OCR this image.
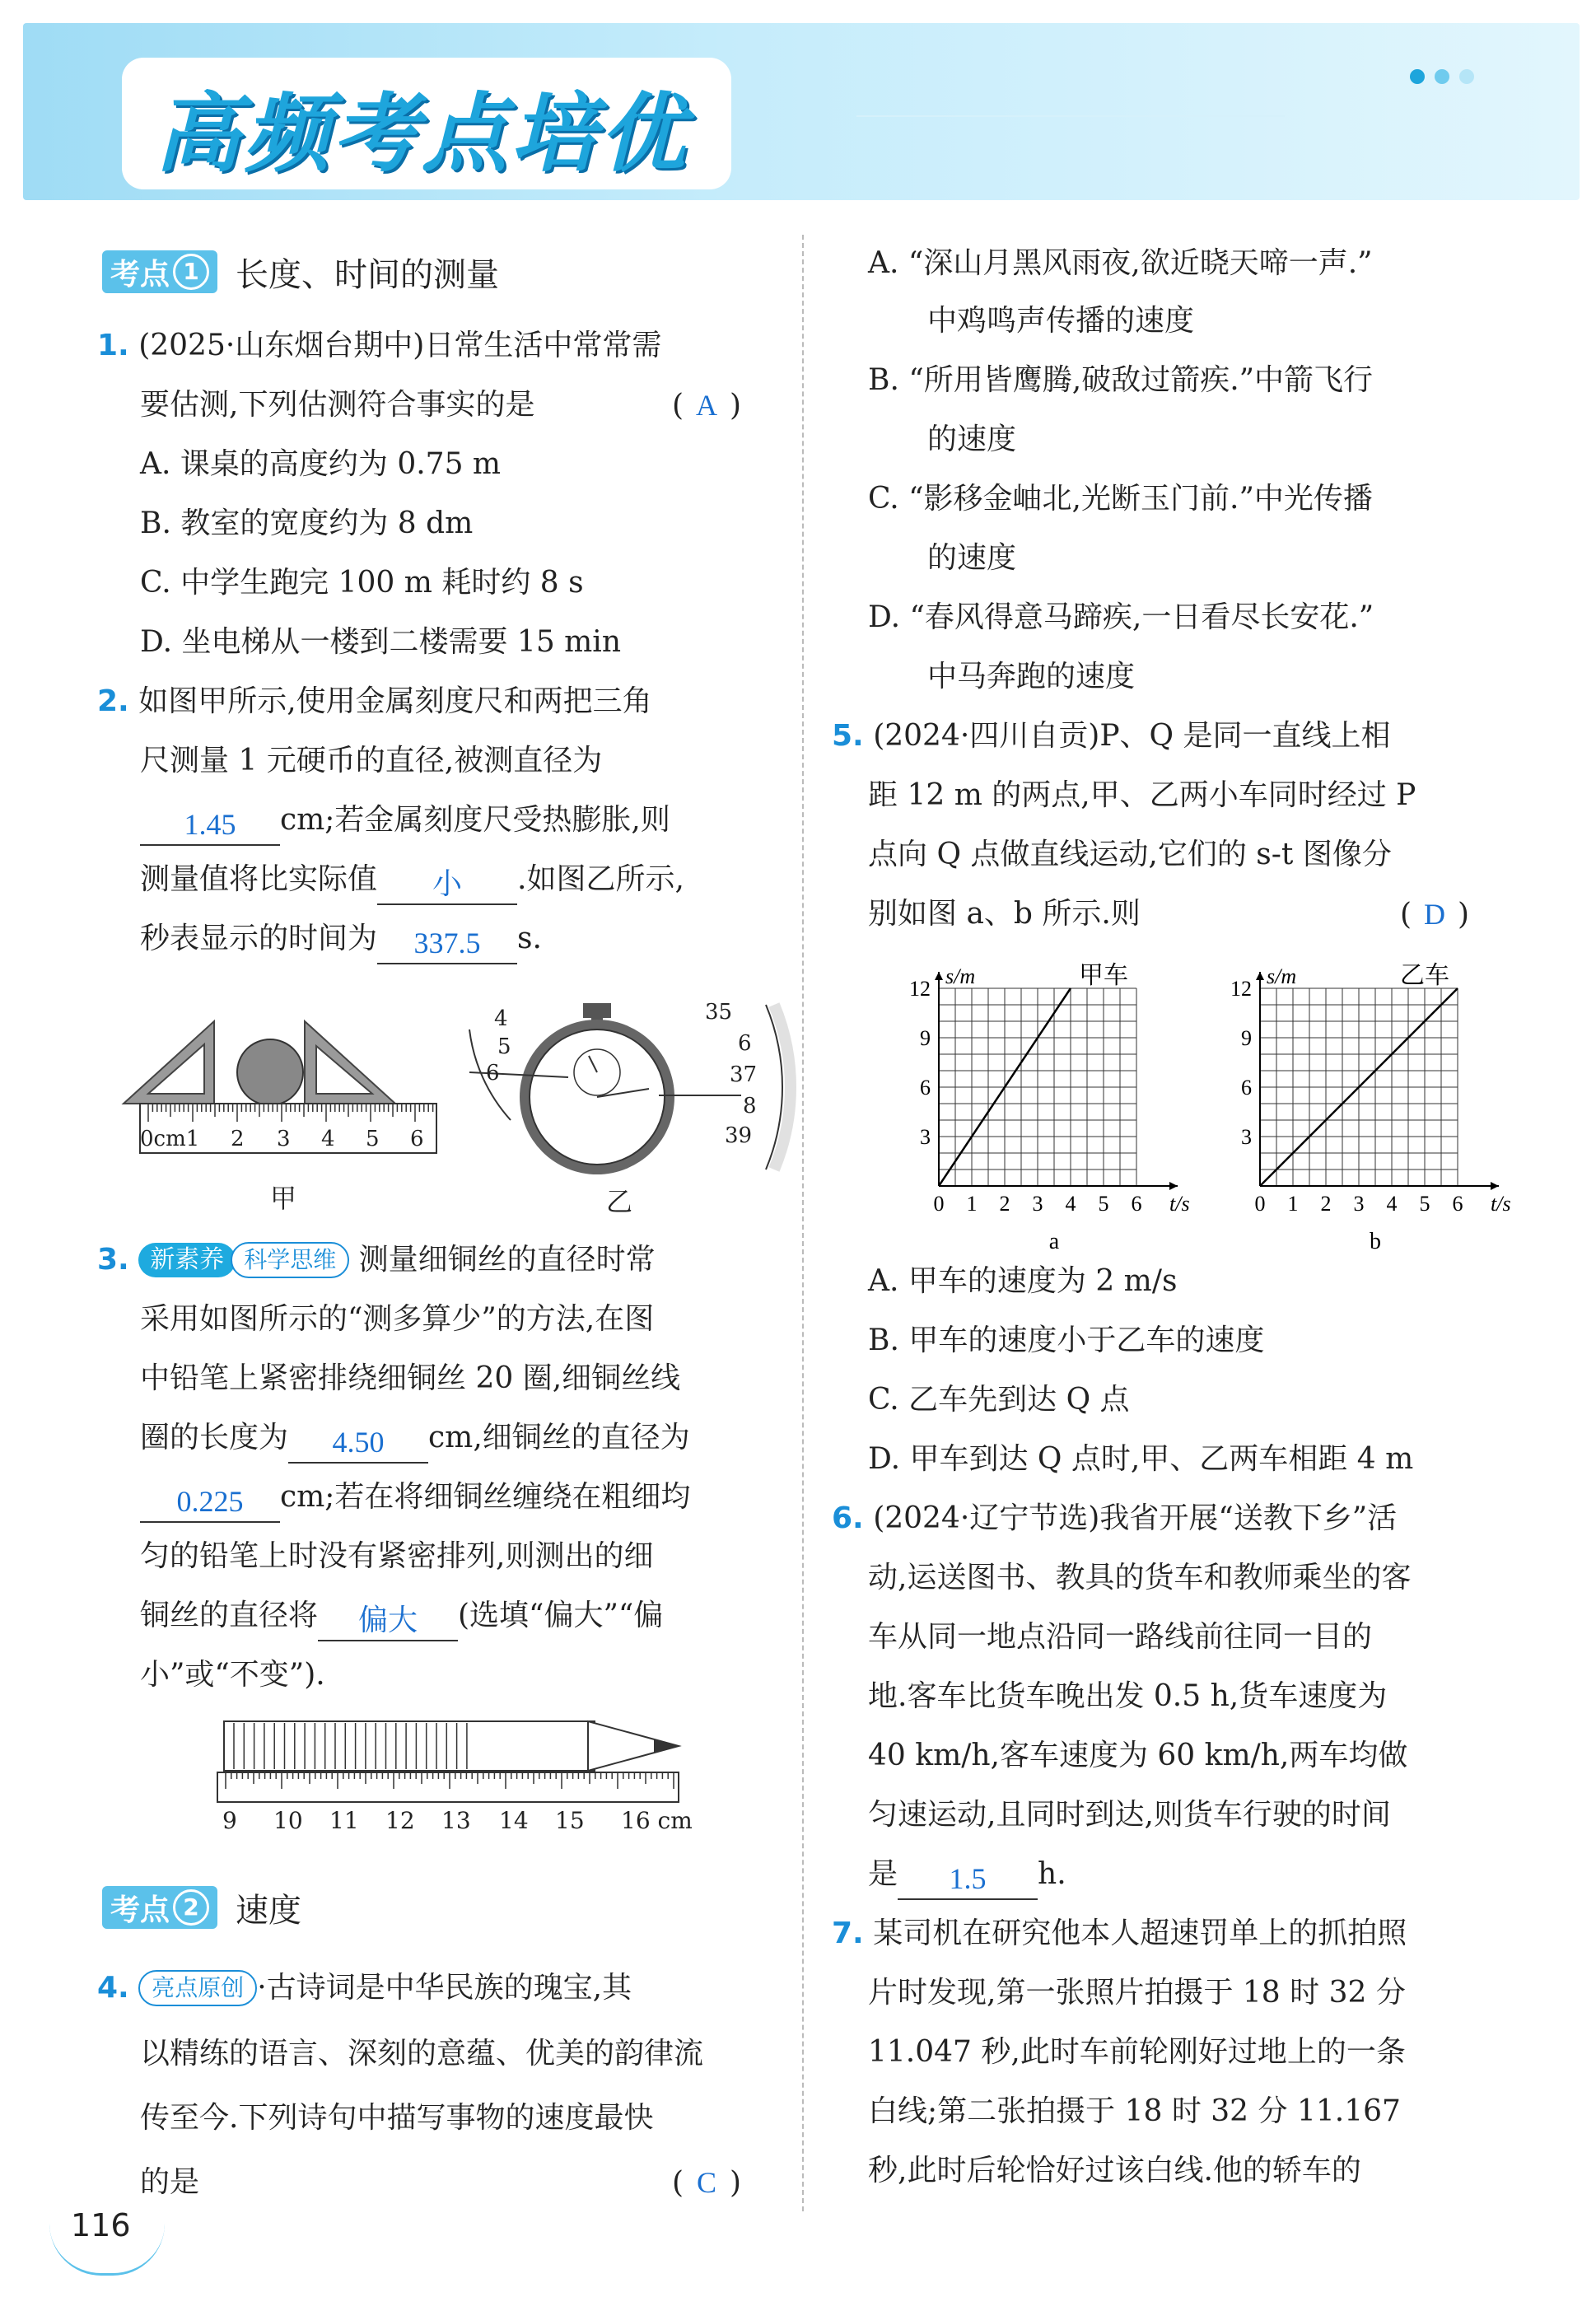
高频考点培优
考点 1	长度、时间的测量
1. (2025·山东烟台期中)日常生活中常常需
要估测,下列估测符合事实的是	( A )
A. 课桌的高度约为 0.75 m
B. 教室的宽度约为 8 dm
C. 中学生跑完 100 m 耗时约 8 s
D. 坐电梯从一楼到二楼需要 15 min
2. 如图甲所示,使用金属刻度尺和两把三角
尺测量 1 元硬币的直径,被测直径为
1.45 cm;若金属刻度尺受热膨胀,则
测量值将比实际值 小 .如图乙所示,
秒表显示的时间为 337.5 s.
0cm1 2 3 4 5 6
甲
4
5
6
35
6
37
8
39
乙
3. 新素养 科学思维 测量细铜丝的直径时常
采用如图所示的“测多算少”的方法,在图
中铅笔上紧密排绕细铜丝 20 圈,细铜丝线
圈的长度为 4.50 cm,细铜丝的直径为
0.225 cm;若在将细铜丝缠绕在粗细均
匀的铅笔上时没有紧密排列,则测出的细
铜丝的直径将 偏大 (选填“偏大”“偏
小”或“不变”).
9 10 11 12 13 14 15 16 cm
考点 2	速度
4. 亮点原创 ·古诗词是中华民族的瑰宝,其
以精练的语言、深刻的意蕴、优美的韵律流
传至今.下列诗句中描写事物的速度最快
的是	( C )
116
A. “深山月黑风雨夜,欲近晓天啼一声.”
中鸡鸣声传播的速度
B. “所用皆鹰腾,破敌过箭疾.”中箭飞行
的速度
C. “影移金岫北,光断玉门前.”中光传播
的速度
D. “春风得意马蹄疾,一日看尽长安花.”
中马奔跑的速度
5. (2024·四川自贡)P、Q 是同一直线上相
距 12 m 的两点,甲、乙两小车同时经过 P
点向 Q 点做直线运动,它们的 s-t 图像分
别如图 a、b 所示.则	( D )
0 1 2 3 4 5 6
3
6
9
12
t/s
s/m	甲车
a
0 1 2 3 4 5 6
3
6
9
12
t/s
s/m	乙车
b
A. 甲车的速度为 2 m/s
B. 甲车的速度小于乙车的速度
C. 乙车先到达 Q 点
D. 甲车到达 Q 点时,甲、乙两车相距 4 m
6. (2024·辽宁节选)我省开展“送教下乡”活
动,运送图书、教具的货车和教师乘坐的客
车从同一地点沿同一路线前往同一目的
地.客车比货车晚出发 0.5 h,货车速度为
40 km/h,客车速度为 60 km/h,两车均做
匀速运动,且同时到达,则货车行驶的时间
是 1.5 h.
7. 某司机在研究他本人超速罚单上的抓拍照
片时发现,第一张照片拍摄于 18 时 32 分
11.047 秒,此时车前轮刚好过地上的一条
白线;第二张拍摄于 18 时 32 分 11.167
秒,此时后轮恰好过该白线.他的轿车的
